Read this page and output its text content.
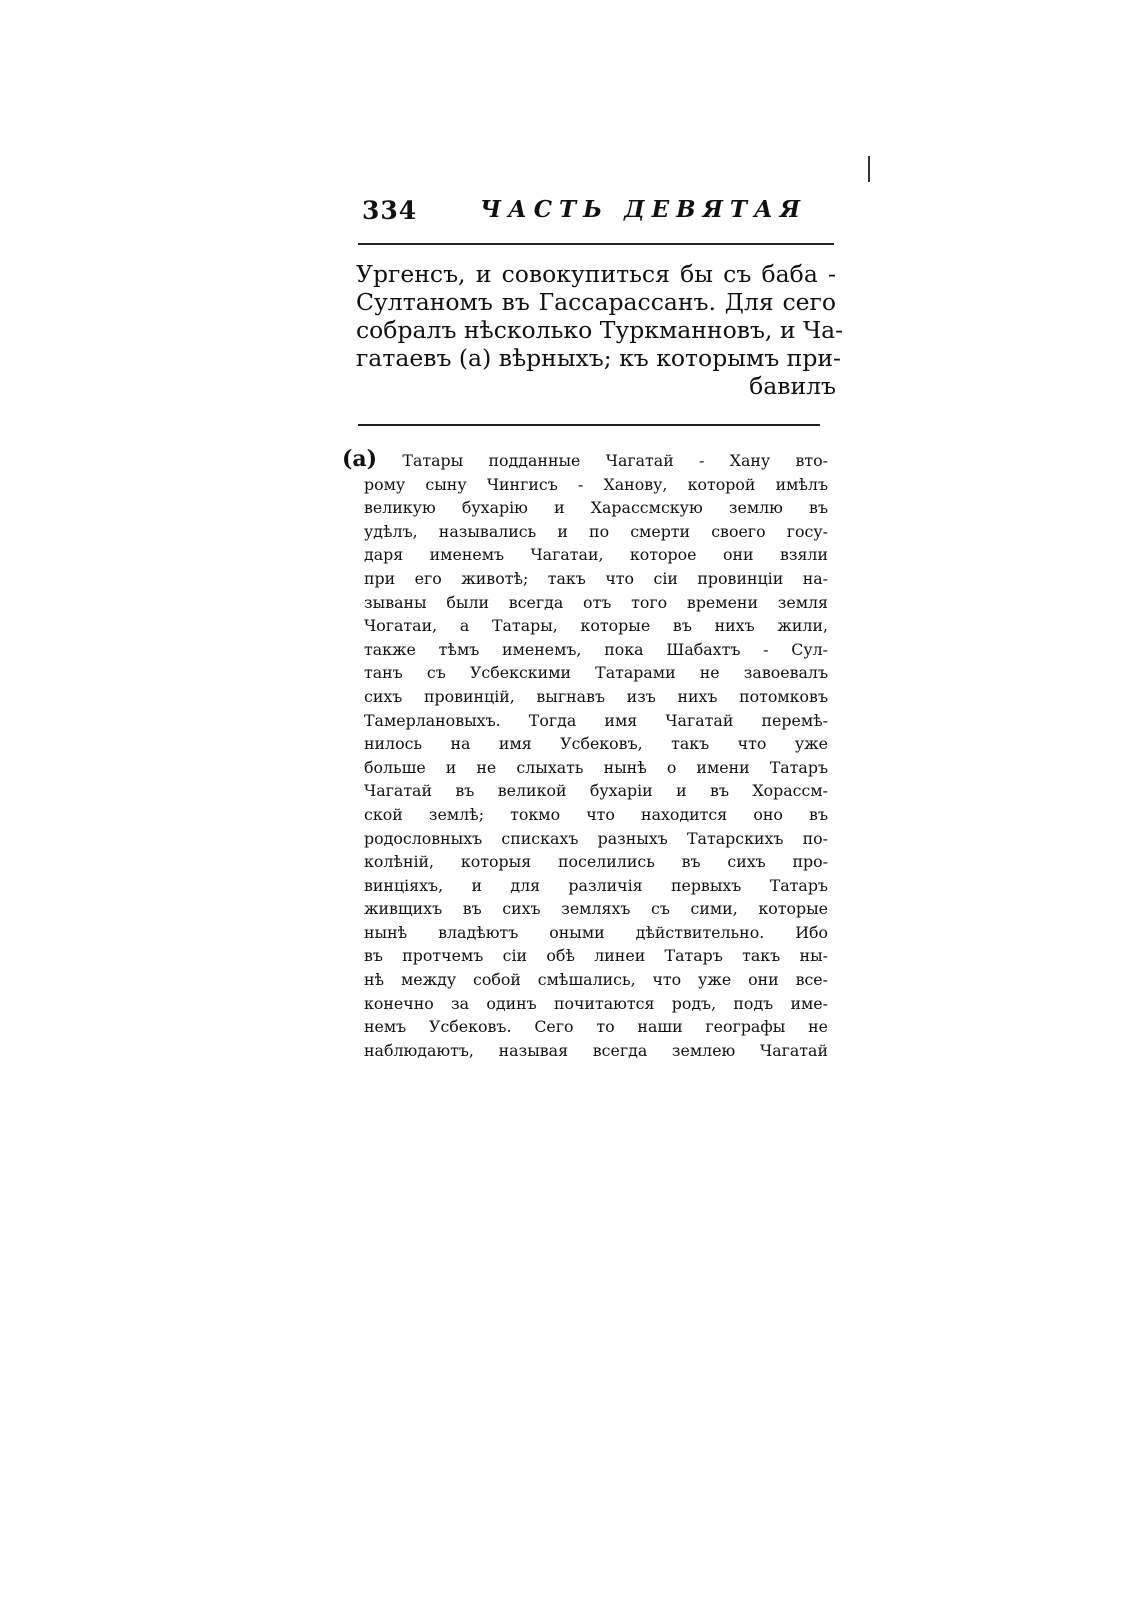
334	ЧАСТЬ ДЕВЯТАЯ
Ургенсъ, и совокупиться бы съ баба -
Султаномъ въ Гассарассанъ. Для сего
собралъ нѣсколько Туркманновъ, и Ча-
гатаевъ (а) вѣрныхъ; къ которымъ при-
бавилъ
(a) Татары подданные Чагатай - Хану вто-
рому сыну Чингисъ - Ханову, которой имѣлъ
великую бухарію и Харассмскую землю въ
удѣлъ, назывались и по смерти своего госу-
даря именемъ Чагатаи, которое они взяли
при его животѣ; такъ что сіи провинціи на-
зываны были всегда отъ того времени земля
Чогатаи, а Татары, которые въ нихъ жили,
также тѣмъ именемъ, пока Шабахтъ - Сул-
танъ съ Усбекскими Татарами не завоевалъ
сихъ провинцій, выгнавъ изъ нихъ потомковъ
Тамерлановыхъ. Тогда имя Чагатай перемѣ-
нилось на имя Усбековъ, такъ что уже
больше и не слыхать нынѣ о имени Татаръ
Чагатай въ великой бухаріи и въ Хорассм-
ской землѣ; токмо что находится оно въ
родословныхъ спискахъ разныхъ Татарскихъ по-
колѣній, которыя поселились въ сихъ про-
винціяхъ, и для различія первыхъ Татаръ
живщихъ въ сихъ земляхъ съ сими, которые
нынѣ владѣютъ оными дѣйствительно. Ибо
въ протчемъ сіи обѣ линеи Татаръ такъ ны-
нѣ между собой смѣшались, что уже они все-
конечно за одинъ почитаются родъ, подъ име-
немъ Усбековъ. Сего то наши географы не
наблюдаютъ, называя всегда землею Чагатай
